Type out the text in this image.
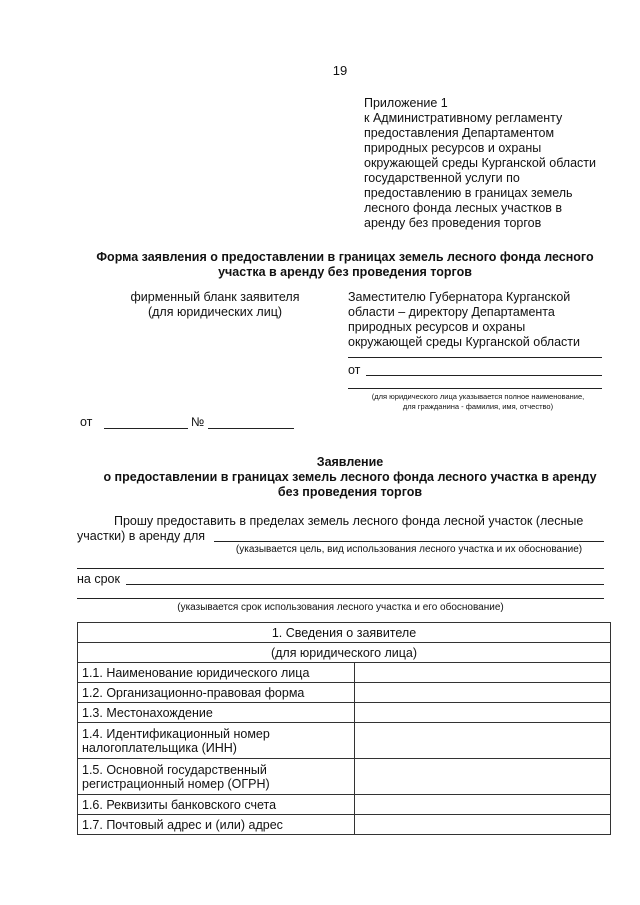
19
Приложение 1
к Административному регламенту
предоставления Департаментом
природных ресурсов и охраны
окружающей среды Курганской области
государственной услуги по
предоставлению в границах земель
лесного фонда лесных участков в
аренду без проведения торгов
Форма заявления о предоставлении в границах земель лесного фонда лесного
участка в аренду без проведения торгов
фирменный бланк заявителя
(для юридических лиц)
Заместителю Губернатора Курганской
области – директору Департамента
природных ресурсов и охраны
окружающей среды Курганской области
от
(для юридического лица указывается полное наименование,
для гражданина - фамилия, имя, отчество)
от	№
Заявление
о предоставлении в границах земель лесного фонда лесного участка в аренду
без проведения торгов
Прошу предоставить в пределах земель лесного фонда лесной участок (лесные
участки) в аренду для
(указывается цель, вид использования лесного участка и их обоснование)
на срок
(указывается срок использования лесного участка и его обоснование)
1. Сведения о заявителе	
(для юридического лица)	
1.1. Наименование юридического лица	
1.2. Организационно-правовая форма	
1.3. Местонахождение	
1.4. Идентификационный номер налогоплательщика (ИНН)	
1.5. Основной государственный регистрационный номер (ОГРН)	
1.6. Реквизиты банковского счета	
1.7. Почтовый адрес и (или) адрес	
